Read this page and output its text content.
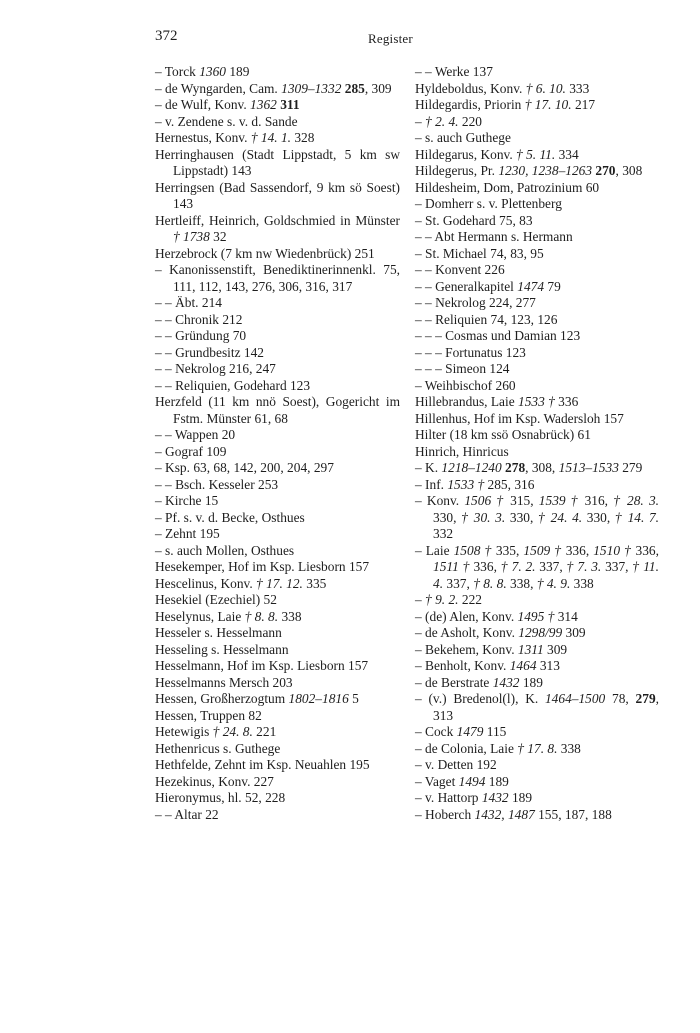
372	Register
– Torck 1360 189
– de Wyngarden, Cam. 1309–1332 285, 309
– de Wulf, Konv. 1362 311
– v. Zendene s. v. d. Sande
Hernestus, Konv. † 14. 1. 328
Herringhausen (Stadt Lippstadt, 5 km sw Lippstadt) 143
Herringsen (Bad Sassendorf, 9 km sö Soest) 143
Hertleiff, Heinrich, Goldschmied in Münster † 1738 32
Herzebrock (7 km nw Wiedenbrück) 251
– Kanonissenstift, Benediktinerinnenkl. 75, 111, 112, 143, 276, 306, 316, 317
– – Äbt. 214
– – Chronik 212
– – Gründung 70
– – Grundbesitz 142
– – Nekrolog 216, 247
– – Reliquien, Godehard 123
Herzfeld (11 km nnö Soest), Gogericht im Fstm. Münster 61, 68
– – Wappen 20
– Gograf 109
– Ksp. 63, 68, 142, 200, 204, 297
– – Bsch. Kesseler 253
– Kirche 15
– Pf. s. v. d. Becke, Osthues
– Zehnt 195
– s. auch Mollen, Osthues
Hesekemper, Hof im Ksp. Liesborn 157
Hescelinus, Konv. † 17. 12. 335
Hesekiel (Ezechiel) 52
Heselynus, Laie † 8. 8. 338
Hesseler s. Hesselmann
Hesseling s. Hesselmann
Hesselmann, Hof im Ksp. Liesborn 157
Hesselmanns Mersch 203
Hessen, Großherzogtum 1802–1816 5
Hessen, Truppen 82
Hetewigis † 24. 8. 221
Hethenricus s. Guthege
Hethfelde, Zehnt im Ksp. Neuahlen 195
Hezekinus, Konv. 227
Hieronymus, hl. 52, 228
– – Altar 22
– – Werke 137
Hyldeboldus, Konv. † 6. 10. 333
Hildegardis, Priorin † 17. 10. 217
– † 2. 4. 220
– s. auch Guthege
Hildegarus, Konv. † 5. 11. 334
Hildegerus, Pr. 1230, 1238–1263 270, 308
Hildesheim, Dom, Patrozinium 60
– Domherr s. v. Plettenberg
– St. Godehard 75, 83
– – Abt Hermann s. Hermann
– St. Michael 74, 83, 95
– – Konvent 226
– – Generalkapitel 1474 79
– – Nekrolog 224, 277
– – Reliquien 74, 123, 126
– – – Cosmas und Damian 123
– – – Fortunatus 123
– – – Simeon 124
– Weihbischof 260
Hillebrandus, Laie 1533 † 336
Hillenhus, Hof im Ksp. Wadersloh 157
Hilter (18 km ssö Osnabrück) 61
Hinrich, Hinricus
– K. 1218–1240 278, 308, 1513–1533 279
– Inf. 1533 † 285, 316
– Konv. 1506 † 315, 1539 † 316, † 28. 3. 330, † 30. 3. 330, † 24. 4. 330, † 14. 7. 332
– Laie 1508 † 335, 1509 † 336, 1510 † 336, 1511 † 336, † 7. 2. 337, † 7. 3. 337, † 11. 4. 337, † 8. 8. 338, † 4. 9. 338
– † 9. 2. 222
– (de) Alen, Konv. 1495 † 314
– de Asholt, Konv. 1298/99 309
– Bekehem, Konv. 1311 309
– Benholt, Konv. 1464 313
– de Berstrate 1432 189
– (v.) Bredenol(l), K. 1464–1500 78, 279, 313
– Cock 1479 115
– de Colonia, Laie † 17. 8. 338
– v. Detten 192
– Vaget 1494 189
– v. Hattorp 1432 189
– Hoberch 1432, 1487 155, 187, 188
